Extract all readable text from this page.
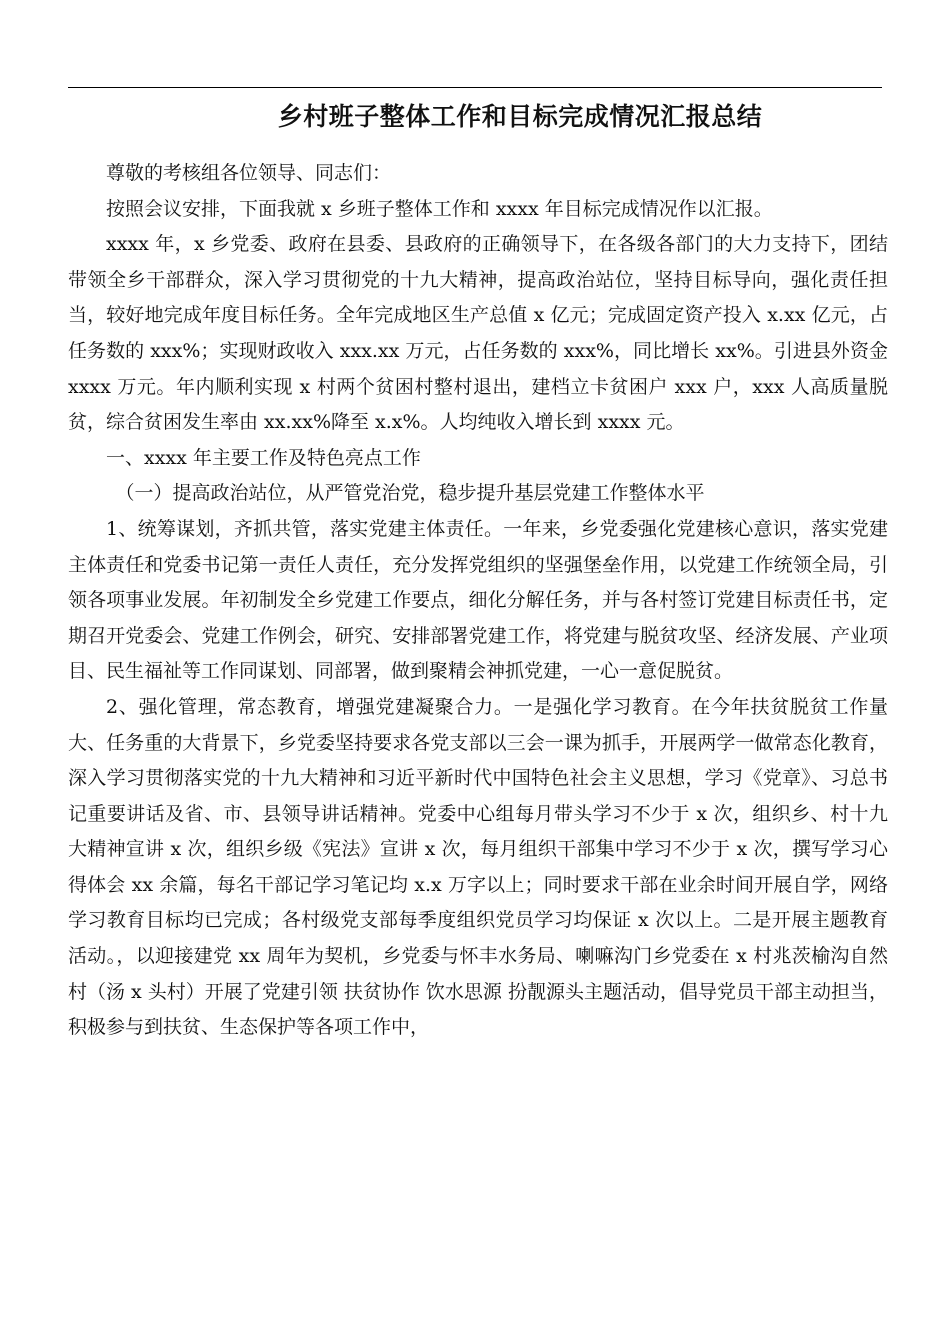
乡村班子整体工作和目标完成情况汇报总结

尊敬的考核组各位领导、同志们：

按照会议安排，下面我就 x 乡班子整体工作和 xxxx 年目标完成情况作以汇报。

xxxx 年，x 乡党委、政府在县委、县政府的正确领导下，在各级各部门的大力支持下，团结带领全乡干部群众，深入学习贯彻党的十九大精神，提高政治站位，坚持目标导向，强化责任担当，较好地完成年度目标任务。全年完成地区生产总值 x 亿元；完成固定资产投入 x.xx 亿元，占任务数的 xxx%；实现财政收入 xxx.xx 万元，占任务数的 xxx%，同比增长 xx%。引进县外资金 xxxx 万元。年内顺利实现 x 村两个贫困村整村退出，建档立卡贫困户 xxx 户，xxx 人高质量脱贫，综合贫困发生率由 xx.xx%降至 x.x%。人均纯收入增长到 xxxx 元。

一、xxxx 年主要工作及特色亮点工作

（一）提高政治站位，从严管党治党，稳步提升基层党建工作整体水平

1、统筹谋划，齐抓共管，落实党建主体责任。一年来，乡党委强化党建核心意识，落实党建主体责任和党委书记第一责任人责任，充分发挥党组织的坚强堡垒作用，以党建工作统领全局，引领各项事业发展。年初制发全乡党建工作要点，细化分解任务，并与各村签订党建目标责任书，定期召开党委会、党建工作例会，研究、安排部署党建工作，将党建与脱贫攻坚、经济发展、产业项目、民生福祉等工作同谋划、同部署，做到聚精会神抓党建，一心一意促脱贫。

2、强化管理，常态教育，增强党建凝聚合力。一是强化学习教育。在今年扶贫脱贫工作量大、任务重的大背景下，乡党委坚持要求各党支部以三会一课为抓手，开展两学一做常态化教育，深入学习贯彻落实党的十九大精神和习近平新时代中国特色社会主义思想，学习《党章》、习总书记重要讲话及省、市、县领导讲话精神。党委中心组每月带头学习不少于 x 次，组织乡、村十九大精神宣讲 x 次，组织乡级《宪法》宣讲 x 次，每月组织干部集中学习不少于 x 次，撰写学习心得体会 xx 余篇，每名干部记学习笔记均 x.x 万字以上；同时要求干部在业余时间开展自学，网络学习教育目标均已完成；各村级党支部每季度组织党员学习均保证 x 次以上。二是开展主题教育活动。，以迎接建党 xx 周年为契机，乡党委与怀丰水务局、喇嘛沟门乡党委在 x 村兆茨榆沟自然村（汤 x 头村）开展了党建引领 扶贫协作 饮水思源 扮靓源头主题活动，倡导党员干部主动担当，积极参与到扶贫、生态保护等各项工作中，
